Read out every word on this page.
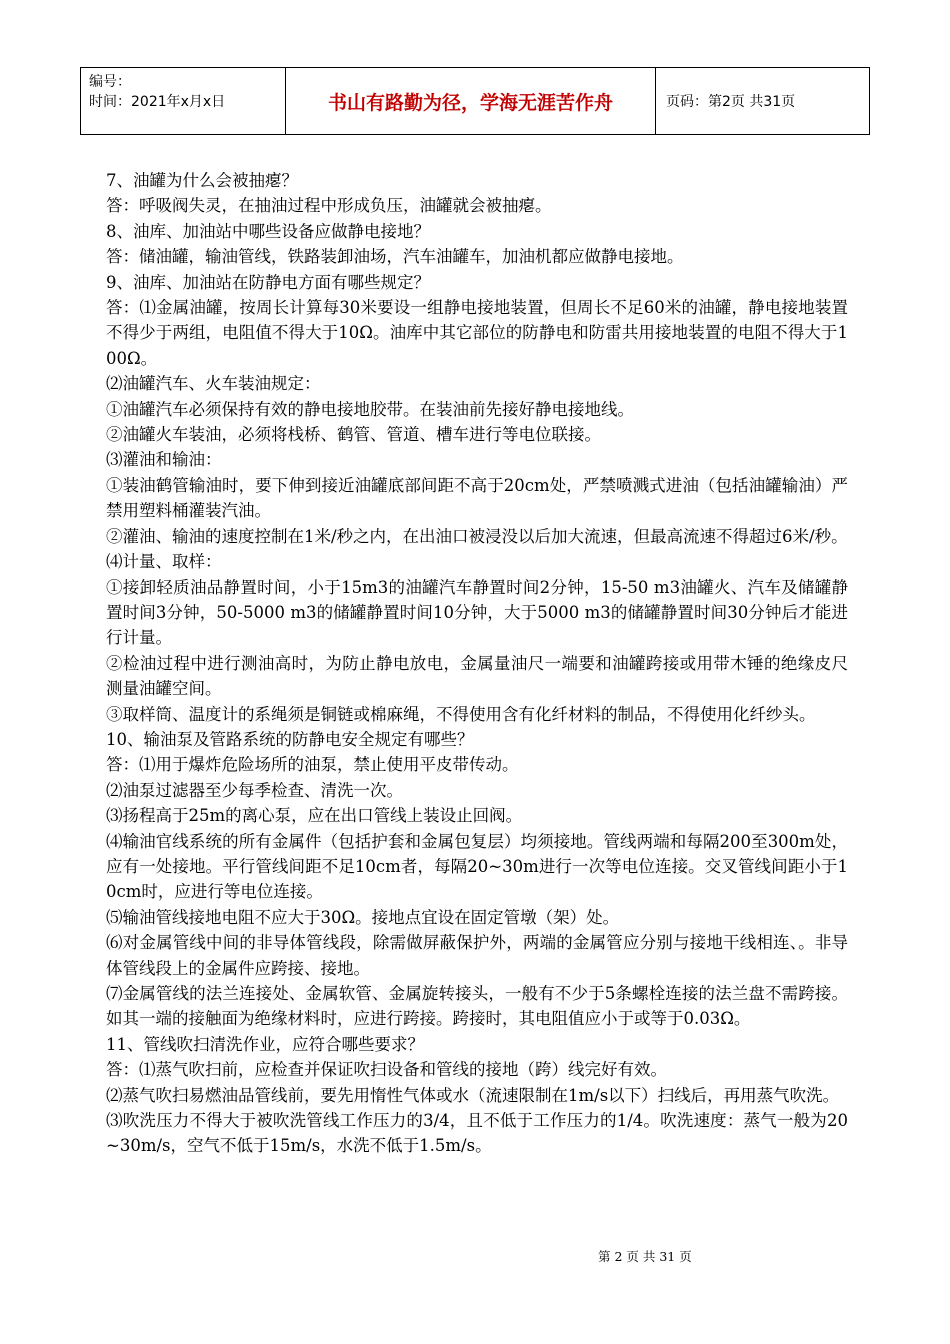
编号：
时间：2021年x月x日	书山有路勤为径，学海无涯苦作舟	页码：第2页 共31页

7、油罐为什么会被抽瘪？

答：呼吸阀失灵，在抽油过程中形成负压，油罐就会被抽瘪。

8、油库、加油站中哪些设备应做静电接地？

答：储油罐，输油管线，铁路装卸油场，汽车油罐车，加油机都应做静电接地。

9、油库、加油站在防静电方面有哪些规定？

答：⑴金属油罐，按周长计算每30米要设一组静电接地装置，但周长不足60米的油罐，静电接地装置不得少于两组，电阻值不得大于10Ω。油库中其它部位的防静电和防雷共用接地装置的电阻不得大于100Ω。

⑵油罐汽车、火车装油规定：

①油罐汽车必须保持有效的静电接地胶带。在装油前先接好静电接地线。

②油罐火车装油，必须将栈桥、鹤管、管道、槽车进行等电位联接。

⑶灌油和输油：

①装油鹤管输油时，要下伸到接近油罐底部间距不高于20cm处，严禁喷溅式进油（包括油罐输油）严禁用塑料桶灌装汽油。

②灌油、输油的速度控制在1米/秒之内，在出油口被浸没以后加大流速，但最高流速不得超过6米/秒。

⑷计量、取样：

①接卸轻质油品静置时间，小于15m3的油罐汽车静置时间2分钟，15-50 m3油罐火、汽车及储罐静置时间3分钟，50-5000 m3的储罐静置时间10分钟，大于5000 m3的储罐静置时间30分钟后才能进行计量。

②检油过程中进行测油高时，为防止静电放电，金属量油尺一端要和油罐跨接或用带木锤的绝缘皮尺测量油罐空间。

③取样筒、温度计的系绳须是铜链或棉麻绳，不得使用含有化纤材料的制品，不得使用化纤纱头。

10、输油泵及管路系统的防静电安全规定有哪些？

答：⑴用于爆炸危险场所的油泵，禁止使用平皮带传动。

⑵油泵过滤器至少每季检查、清洗一次。

⑶扬程高于25m的离心泵，应在出口管线上装设止回阀。

⑷输油官线系统的所有金属件（包括护套和金属包复层）均须接地。管线两端和每隔200至300m处，应有一处接地。平行管线间距不足10cm者，每隔20~30m进行一次等电位连接。交叉管线间距小于10cm时，应进行等电位连接。

⑸输油管线接地电阻不应大于30Ω。接地点宜设在固定管墩（架）处。

⑹对金属管线中间的非导体管线段，除需做屏蔽保护外，两端的金属管应分别与接地干线相连、。非导体管线段上的金属件应跨接、接地。

⑺金属管线的法兰连接处、金属软管、金属旋转接头，一般有不少于5条螺栓连接的法兰盘不需跨接。如其一端的接触面为绝缘材料时，应进行跨接。跨接时，其电阻值应小于或等于0.03Ω。

11、管线吹扫清洗作业，应符合哪些要求？

答：⑴蒸气吹扫前，应检查并保证吹扫设备和管线的接地（跨）线完好有效。

⑵蒸气吹扫易燃油品管线前，要先用惰性气体或水（流速限制在1m/s以下）扫线后，再用蒸气吹洗。

⑶吹洗压力不得大于被吹洗管线工作压力的3/4，且不低于工作压力的1/4。吹洗速度：蒸气一般为20~30m/s，空气不低于15m/s，水洗不低于1.5m/s。

第 2 页 共 31 页
